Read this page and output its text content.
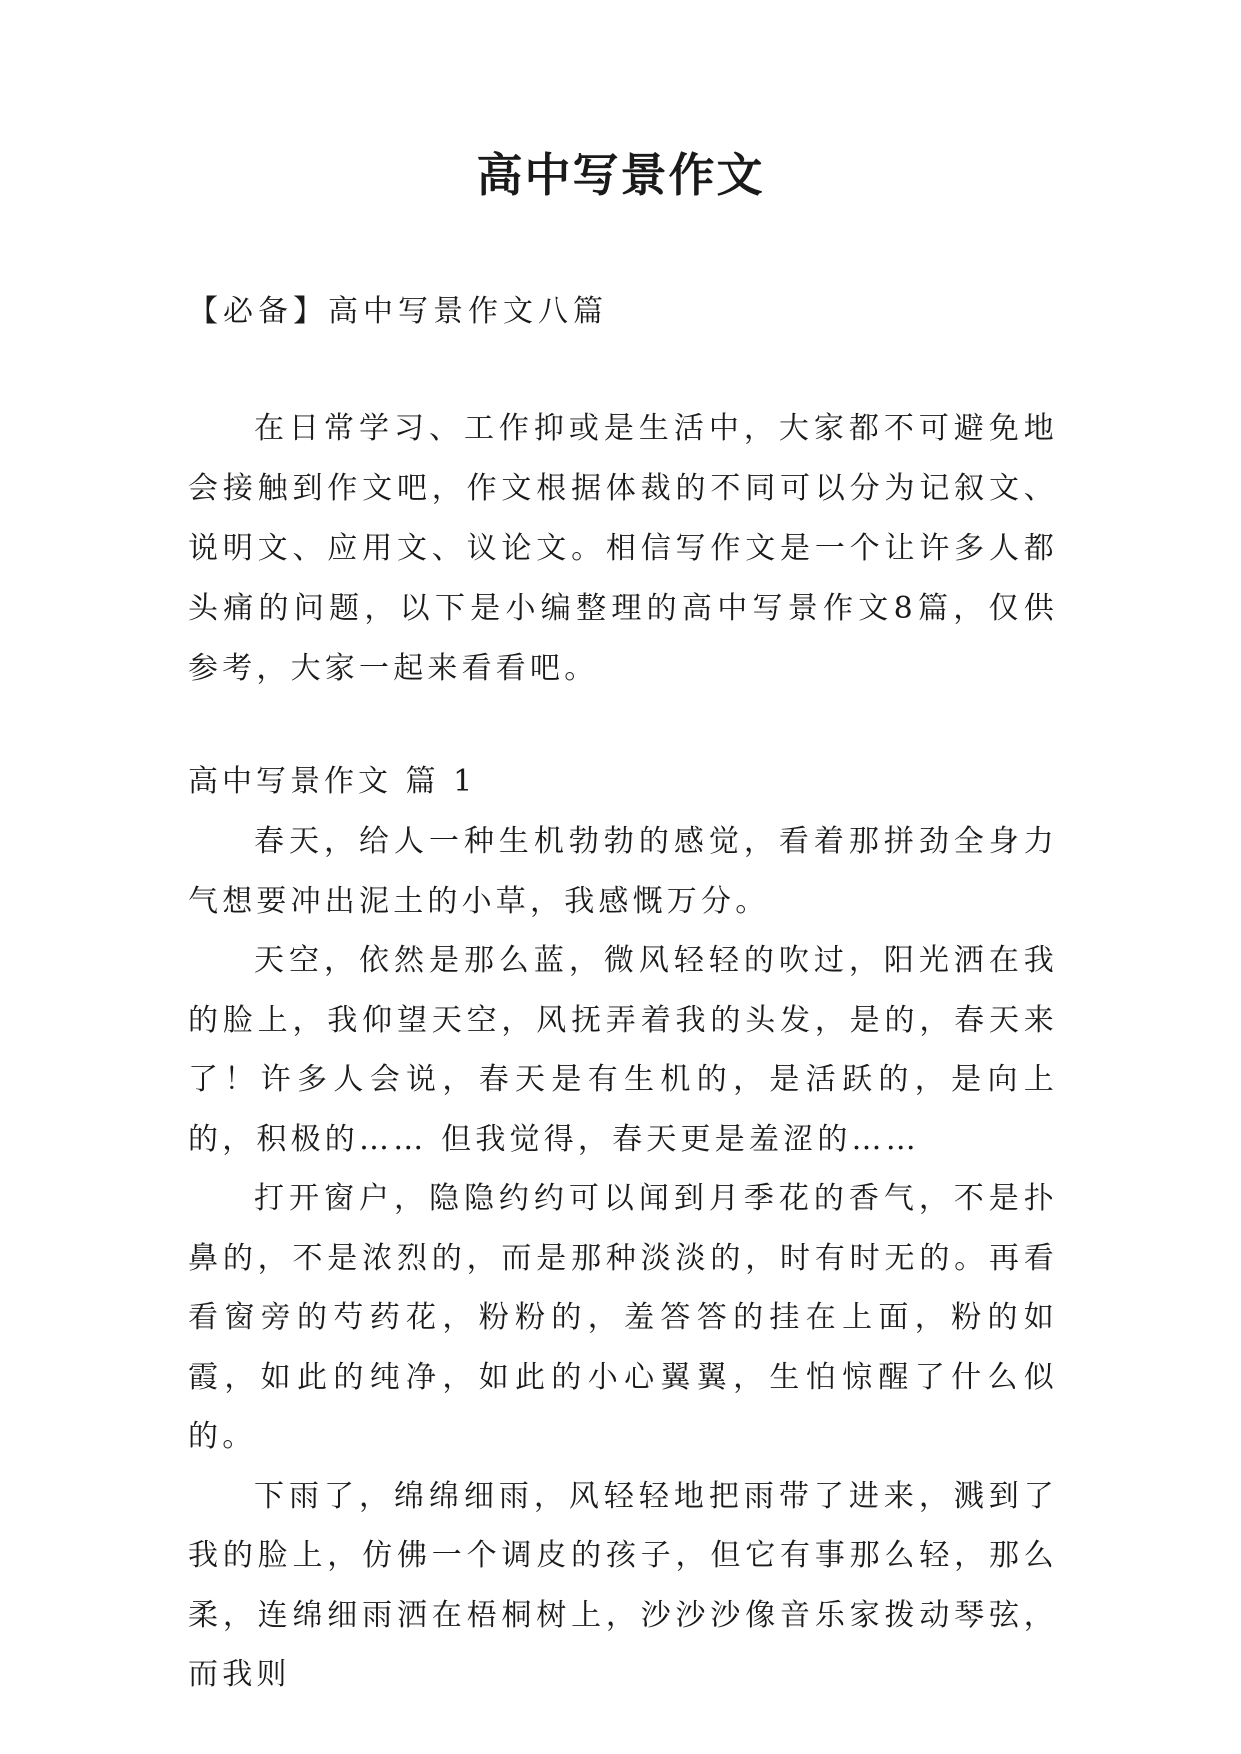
高中写景作文

【必备】高中写景作文八篇

在日常学习、工作抑或是生活中，大家都不可避免地会接触到作文吧，作文根据体裁的不同可以分为记叙文、说明文、应用文、议论文。相信写作文是一个让许多人都头痛的问题，以下是小编整理的高中写景作文8篇，仅供参考，大家一起来看看吧。

高中写景作文 篇 1

春天，给人一种生机勃勃的感觉，看着那拼劲全身力气想要冲出泥土的小草，我感慨万分。

天空，依然是那么蓝，微风轻轻的吹过，阳光洒在我的脸上，我仰望天空，风抚弄着我的头发，是的，春天来了！许多人会说，春天是有生机的，是活跃的，是向上的，积极的…… 但我觉得，春天更是羞涩的……

打开窗户，隐隐约约可以闻到月季花的香气，不是扑鼻的，不是浓烈的，而是那种淡淡的，时有时无的。再看看窗旁的芍药花，粉粉的，羞答答的挂在上面，粉的如霞，如此的纯净，如此的小心翼翼，生怕惊醒了什么似的。

下雨了，绵绵细雨，风轻轻地把雨带了进来，溅到了我的脸上，仿佛一个调皮的孩子，但它有事那么轻，那么柔，连绵细雨洒在梧桐树上，沙沙沙像音乐家拨动琴弦，而我则
